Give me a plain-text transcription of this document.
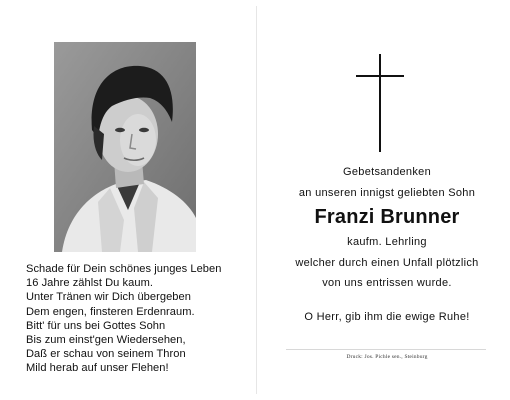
Schade für Dein schönes junges Leben
16 Jahre zählst Du kaum.
Unter Tränen wir Dich übergeben
Dem engen, finsteren Erdenraum.
Bitt' für uns bei Gottes Sohn
Bis zum einst'gen Wiedersehen,
Daß er schau von seinem Thron
Mild herab auf unser Flehen!
Gebetsandenken
an unseren innigst geliebten Sohn
Franzi Brunner
kaufm. Lehrling
welcher durch einen Unfall plötzlich
von uns entrissen wurde.
O Herr, gib ihm die ewige Ruhe!
Druck: Jos. Pichle sen., Steinburg
